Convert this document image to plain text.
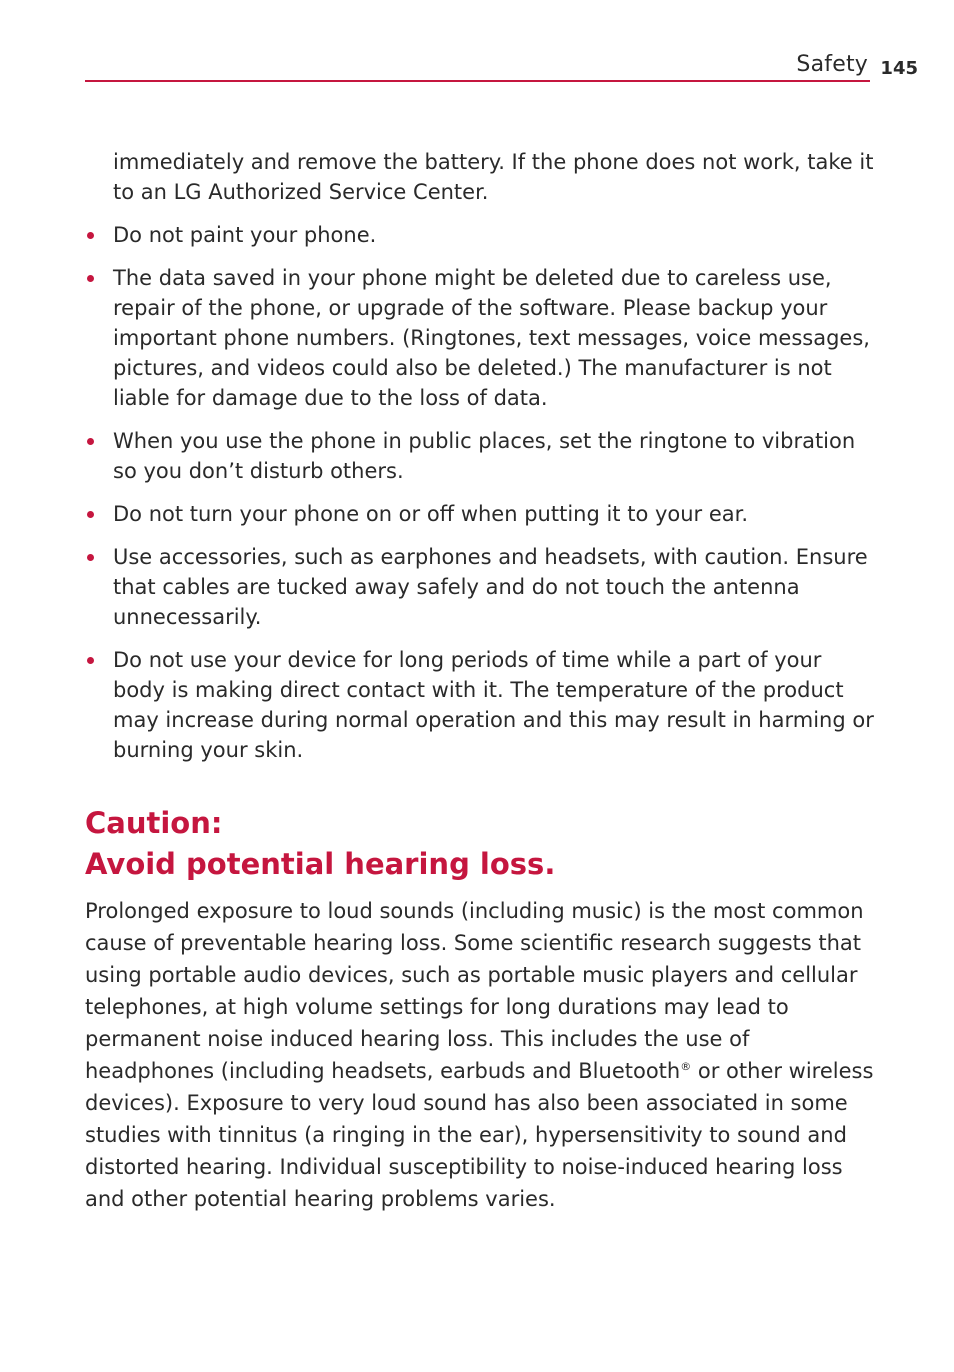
Safety 145

immediately and remove the battery. If the phone does not work, take it to an LG Authorized Service Center.

Do not paint your phone.
The data saved in your phone might be deleted due to careless use, repair of the phone, or upgrade of the software. Please backup your important phone numbers. (Ringtones, text messages, voice messages, pictures, and videos could also be deleted.) The manufacturer is not liable for damage due to the loss of data.
When you use the phone in public places, set the ringtone to vibration so you don’t disturb others.
Do not turn your phone on or off when putting it to your ear.
Use accessories, such as earphones and headsets, with caution. Ensure that cables are tucked away safely and do not touch the antenna unnecessarily.
Do not use your device for long periods of time while a part of your body is making direct contact with it. The temperature of the product may increase during normal operation and this may result in harming or burning your skin.
Caution:
Avoid potential hearing loss.

Prolonged exposure to loud sounds (including music) is the most common cause of preventable hearing loss. Some scientific research suggests that using portable audio devices, such as portable music players and cellular telephones, at high volume settings for long durations may lead to permanent noise induced hearing loss. This includes the use of headphones (including headsets, earbuds and Bluetooth® or other wireless devices). Exposure to very loud sound has also been associated in some studies with tinnitus (a ringing in the ear), hypersensitivity to sound and distorted hearing. Individual susceptibility to noise-induced hearing loss and other potential hearing problems varies.
